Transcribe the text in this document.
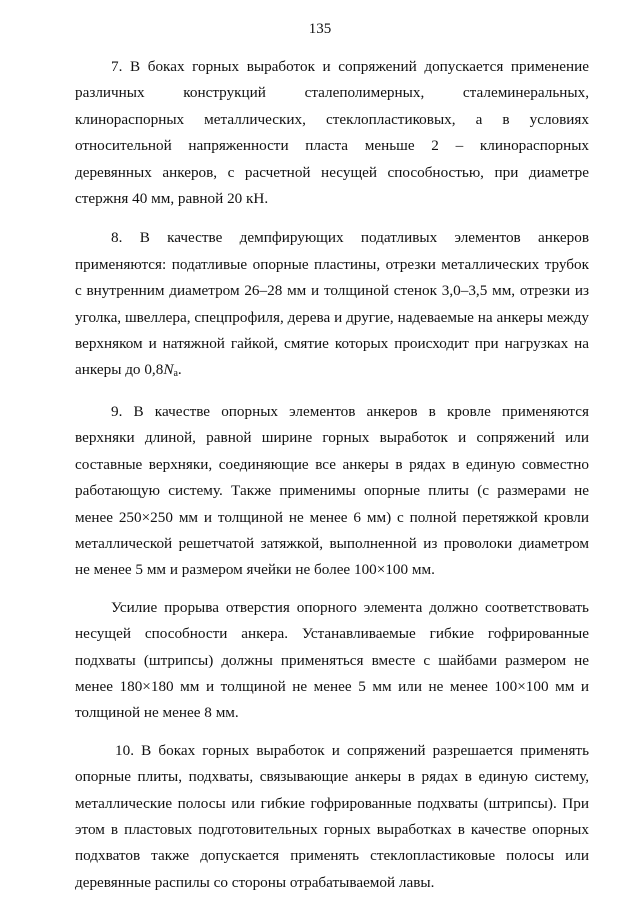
135

7. В боках горных выработок и сопряжений допускается применение различных конструкций сталеполимерных, сталеминеральных, клинораспорных металлических, стеклопластиковых, а в условиях относительной напряженности пласта меньше 2 – клинораспорных деревянных анкеров, с расчетной несущей способностью, при диаметре стержня 40 мм, равной 20 кН.

8. В качестве демпфирующих податливых элементов анкеров применяются: податливые опорные пластины, отрезки металлических трубок с внутренним диаметром 26–28 мм и толщиной стенок 3,0–3,5 мм, отрезки из уголка, швеллера, спецпрофиля, дерева и другие, надеваемые на анкеры между верхняком и натяжной гайкой, смятие которых происходит при нагрузках на анкеры до $0,8N_а$.

9. В качестве опорных элементов анкеров в кровле применяются верхняки длиной, равной ширине горных выработок и сопряжений или составные верхняки, соединяющие все анкеры в рядах в единую совместно работающую систему. Также применимы опорные плиты (с размерами не менее 250×250 мм и толщиной не менее 6 мм) с полной перетяжкой кровли металлической решетчатой затяжкой, выполненной из проволоки диаметром не менее 5 мм и размером ячейки не более 100×100 мм.

Усилие прорыва отверстия опорного элемента должно соответствовать несущей способности анкера. Устанавливаемые гибкие гофрированные подхваты (штрипсы) должны применяться вместе с шайбами размером не менее 180×180 мм и толщиной не менее 5 мм или не менее 100×100 мм и толщиной не менее 8 мм.

10. В боках горных выработок и сопряжений разрешается применять опорные плиты, подхваты, связывающие анкеры в рядах в единую систему, металлические полосы или гибкие гофрированные подхваты (штрипсы). При этом в пластовых подготовительных горных выработках в качестве опорных подхватов также допускается применять стеклопластиковые полосы или деревянные распилы со стороны отрабатываемой лавы.
